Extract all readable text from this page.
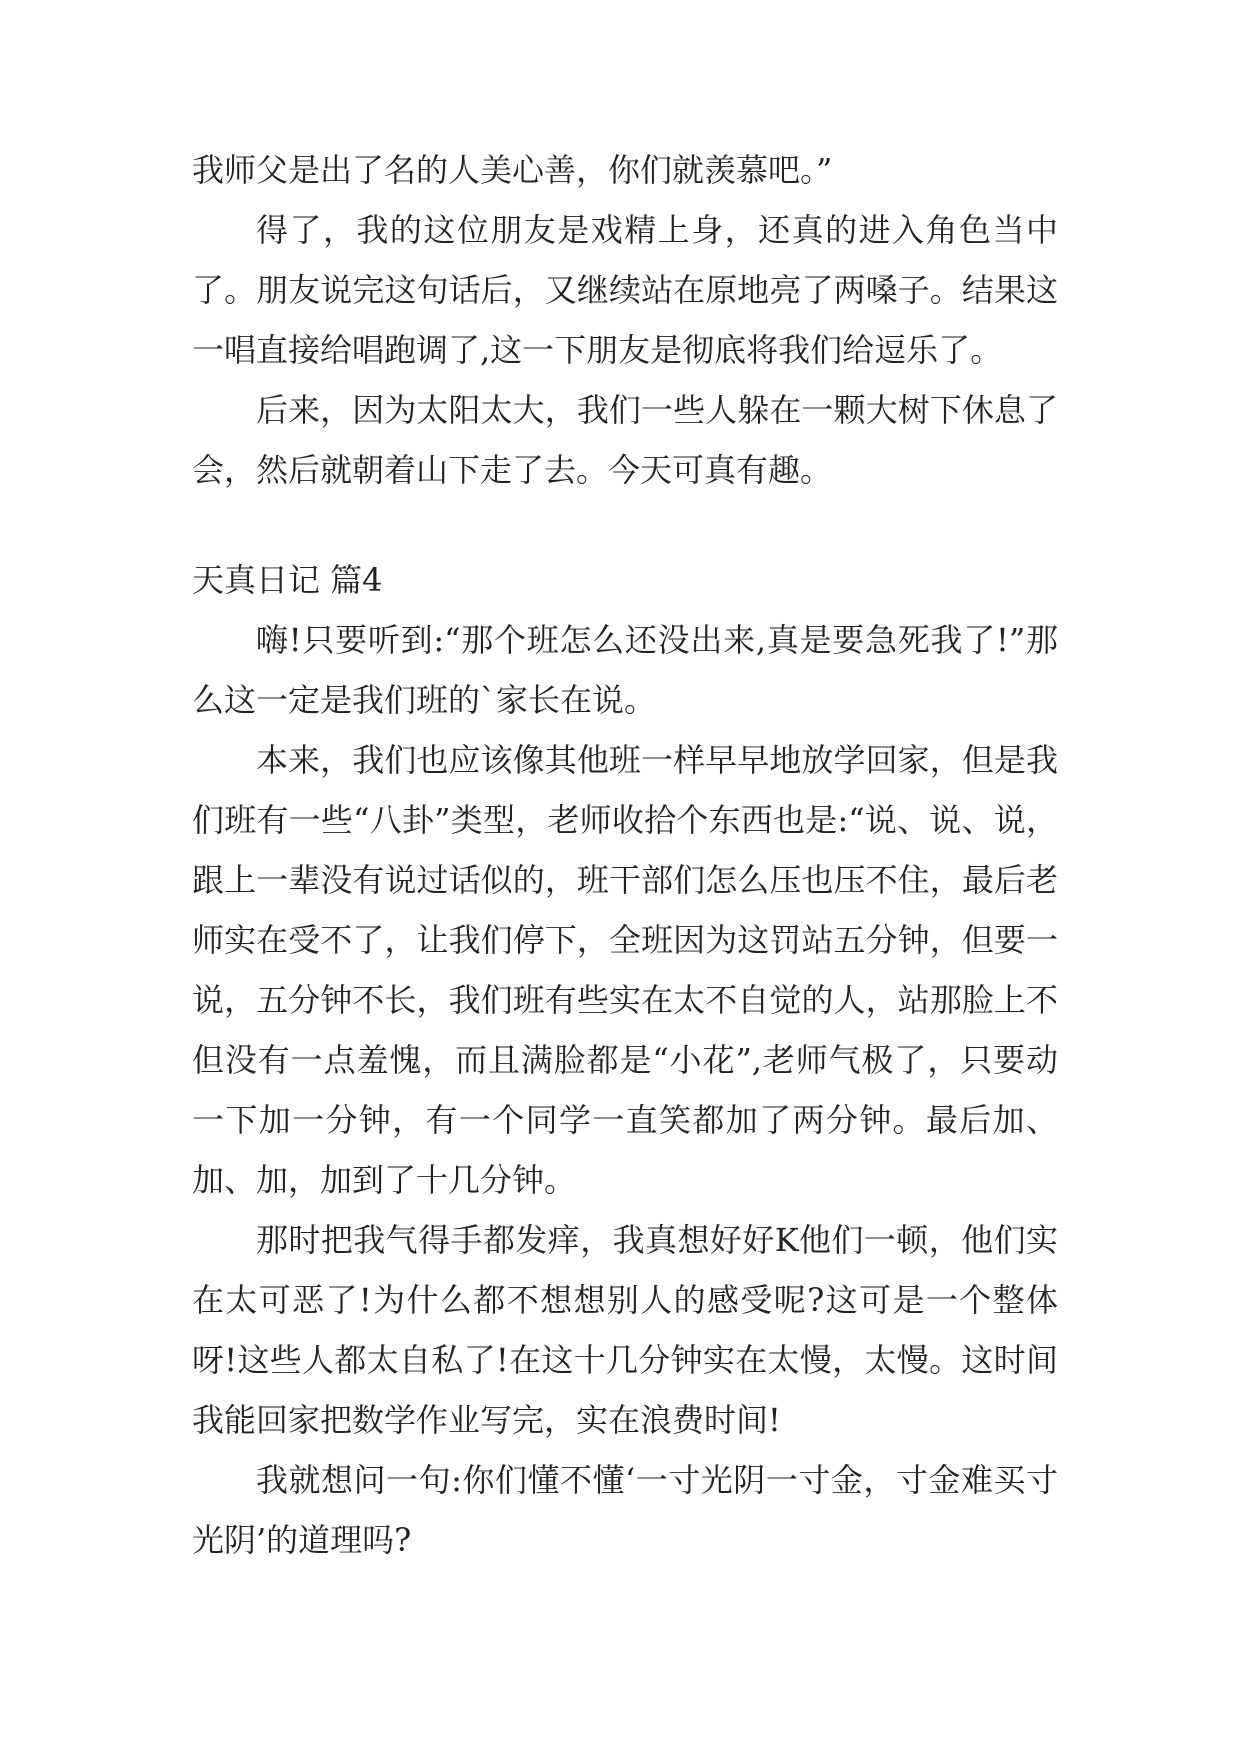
我师父是出了名的人美心善，你们就羡慕吧。”

得了，我的这位朋友是戏精上身，还真的进入角色当中了。朋友说完这句话后，又继续站在原地亮了两嗓子。结果这一唱直接给唱跑调了,这一下朋友是彻底将我们给逗乐了。

后来，因为太阳太大，我们一些人躲在一颗大树下休息了会，然后就朝着山下走了去。今天可真有趣。

天真日记 篇4

嗨!只要听到:“那个班怎么还没出来,真是要急死我了!”那么这一定是我们班的`家长在说。

本来，我们也应该像其他班一样早早地放学回家，但是我们班有一些“八卦”类型，老师收拾个东西也是:“说、说、说，跟上一辈没有说过话似的，班干部们怎么压也压不住，最后老师实在受不了，让我们停下，全班因为这罚站五分钟，但要一说，五分钟不长，我们班有些实在太不自觉的人，站那脸上不但没有一点羞愧，而且满脸都是“小花”,老师气极了，只要动一下加一分钟，有一个同学一直笑都加了两分钟。最后加、加、加，加到了十几分钟。

那时把我气得手都发痒，我真想好好K他们一顿，他们实在太可恶了!为什么都不想想别人的感受呢?这可是一个整体呀!这些人都太自私了!在这十几分钟实在太慢，太慢。这时间我能回家把数学作业写完，实在浪费时间!

我就想问一句:你们懂不懂‘一寸光阴一寸金，寸金难买寸光阴’的道理吗?
